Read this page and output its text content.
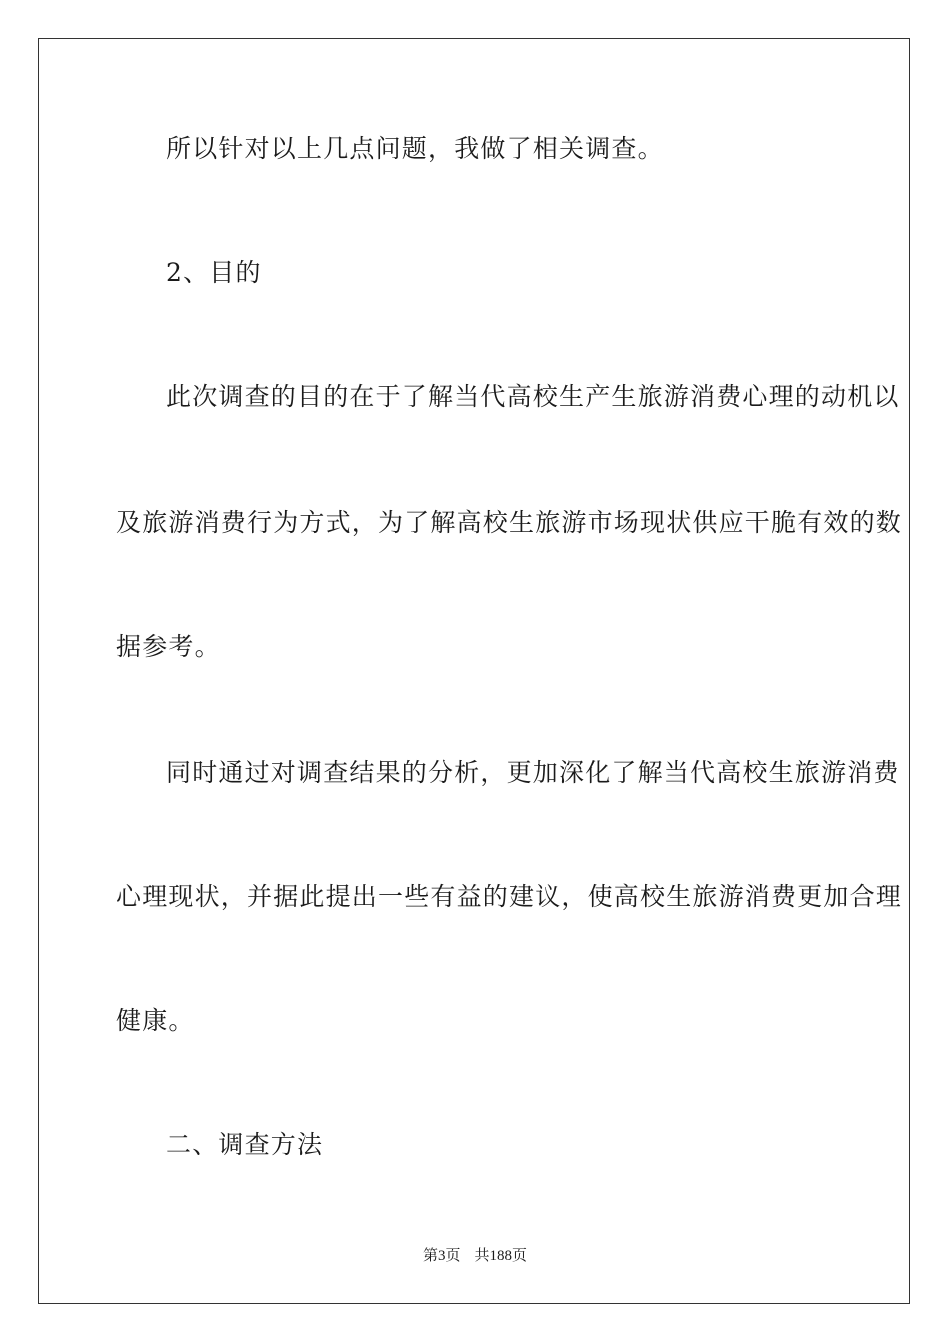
所以针对以上几点问题，我做了相关调查。
2、目的
此次调查的目的在于了解当代高校生产生旅游消费心理的动机以
及旅游消费行为方式，为了解高校生旅游市场现状供应干脆有效的数
据参考。
同时通过对调查结果的分析，更加深化了解当代高校生旅游消费
心理现状，并据此提出一些有益的建议，使高校生旅游消费更加合理
健康。
二、调查方法
第3页 共188页
